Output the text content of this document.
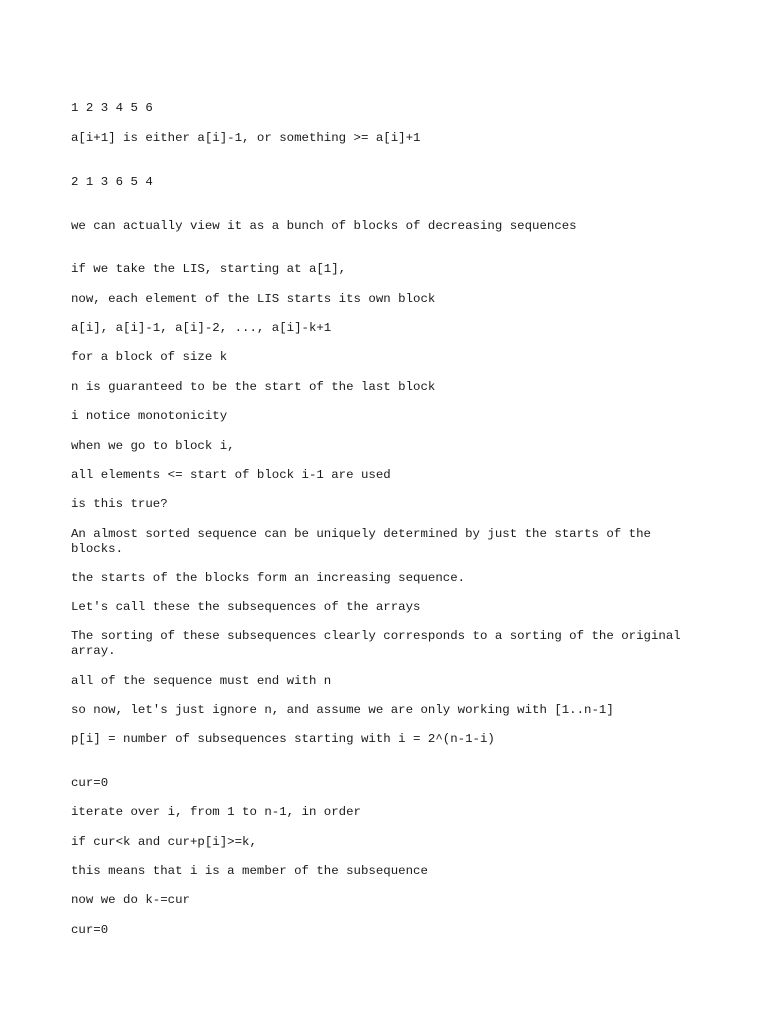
1 2 3 4 5 6
a[i+1] is either a[i]-1, or something >= a[i]+1
2 1 3 6 5 4
we can actually view it as a bunch of blocks of decreasing sequences
if we take the LIS, starting at a[1],
now, each element of the LIS starts its own block
a[i], a[i]-1, a[i]-2, ..., a[i]-k+1
for a block of size k
n is guaranteed to be the start of the last block
i notice monotonicity
when we go to block i,
all elements <= start of block i-1 are used
is this true?
An almost sorted sequence can be uniquely determined by just the starts of the blocks.
the starts of the blocks form an increasing sequence.
Let's call these the subsequences of the arrays
The sorting of these subsequences clearly corresponds to a sorting of the original array.
all of the sequence must end with n
so now, let's just ignore n, and assume we are only working with [1..n-1]
p[i] = number of subsequences starting with i = 2^(n-1-i)
cur=0
iterate over i, from 1 to n-1, in order
if cur<k and cur+p[i]>=k,
this means that i is a member of the subsequence
now we do k-=cur
cur=0
